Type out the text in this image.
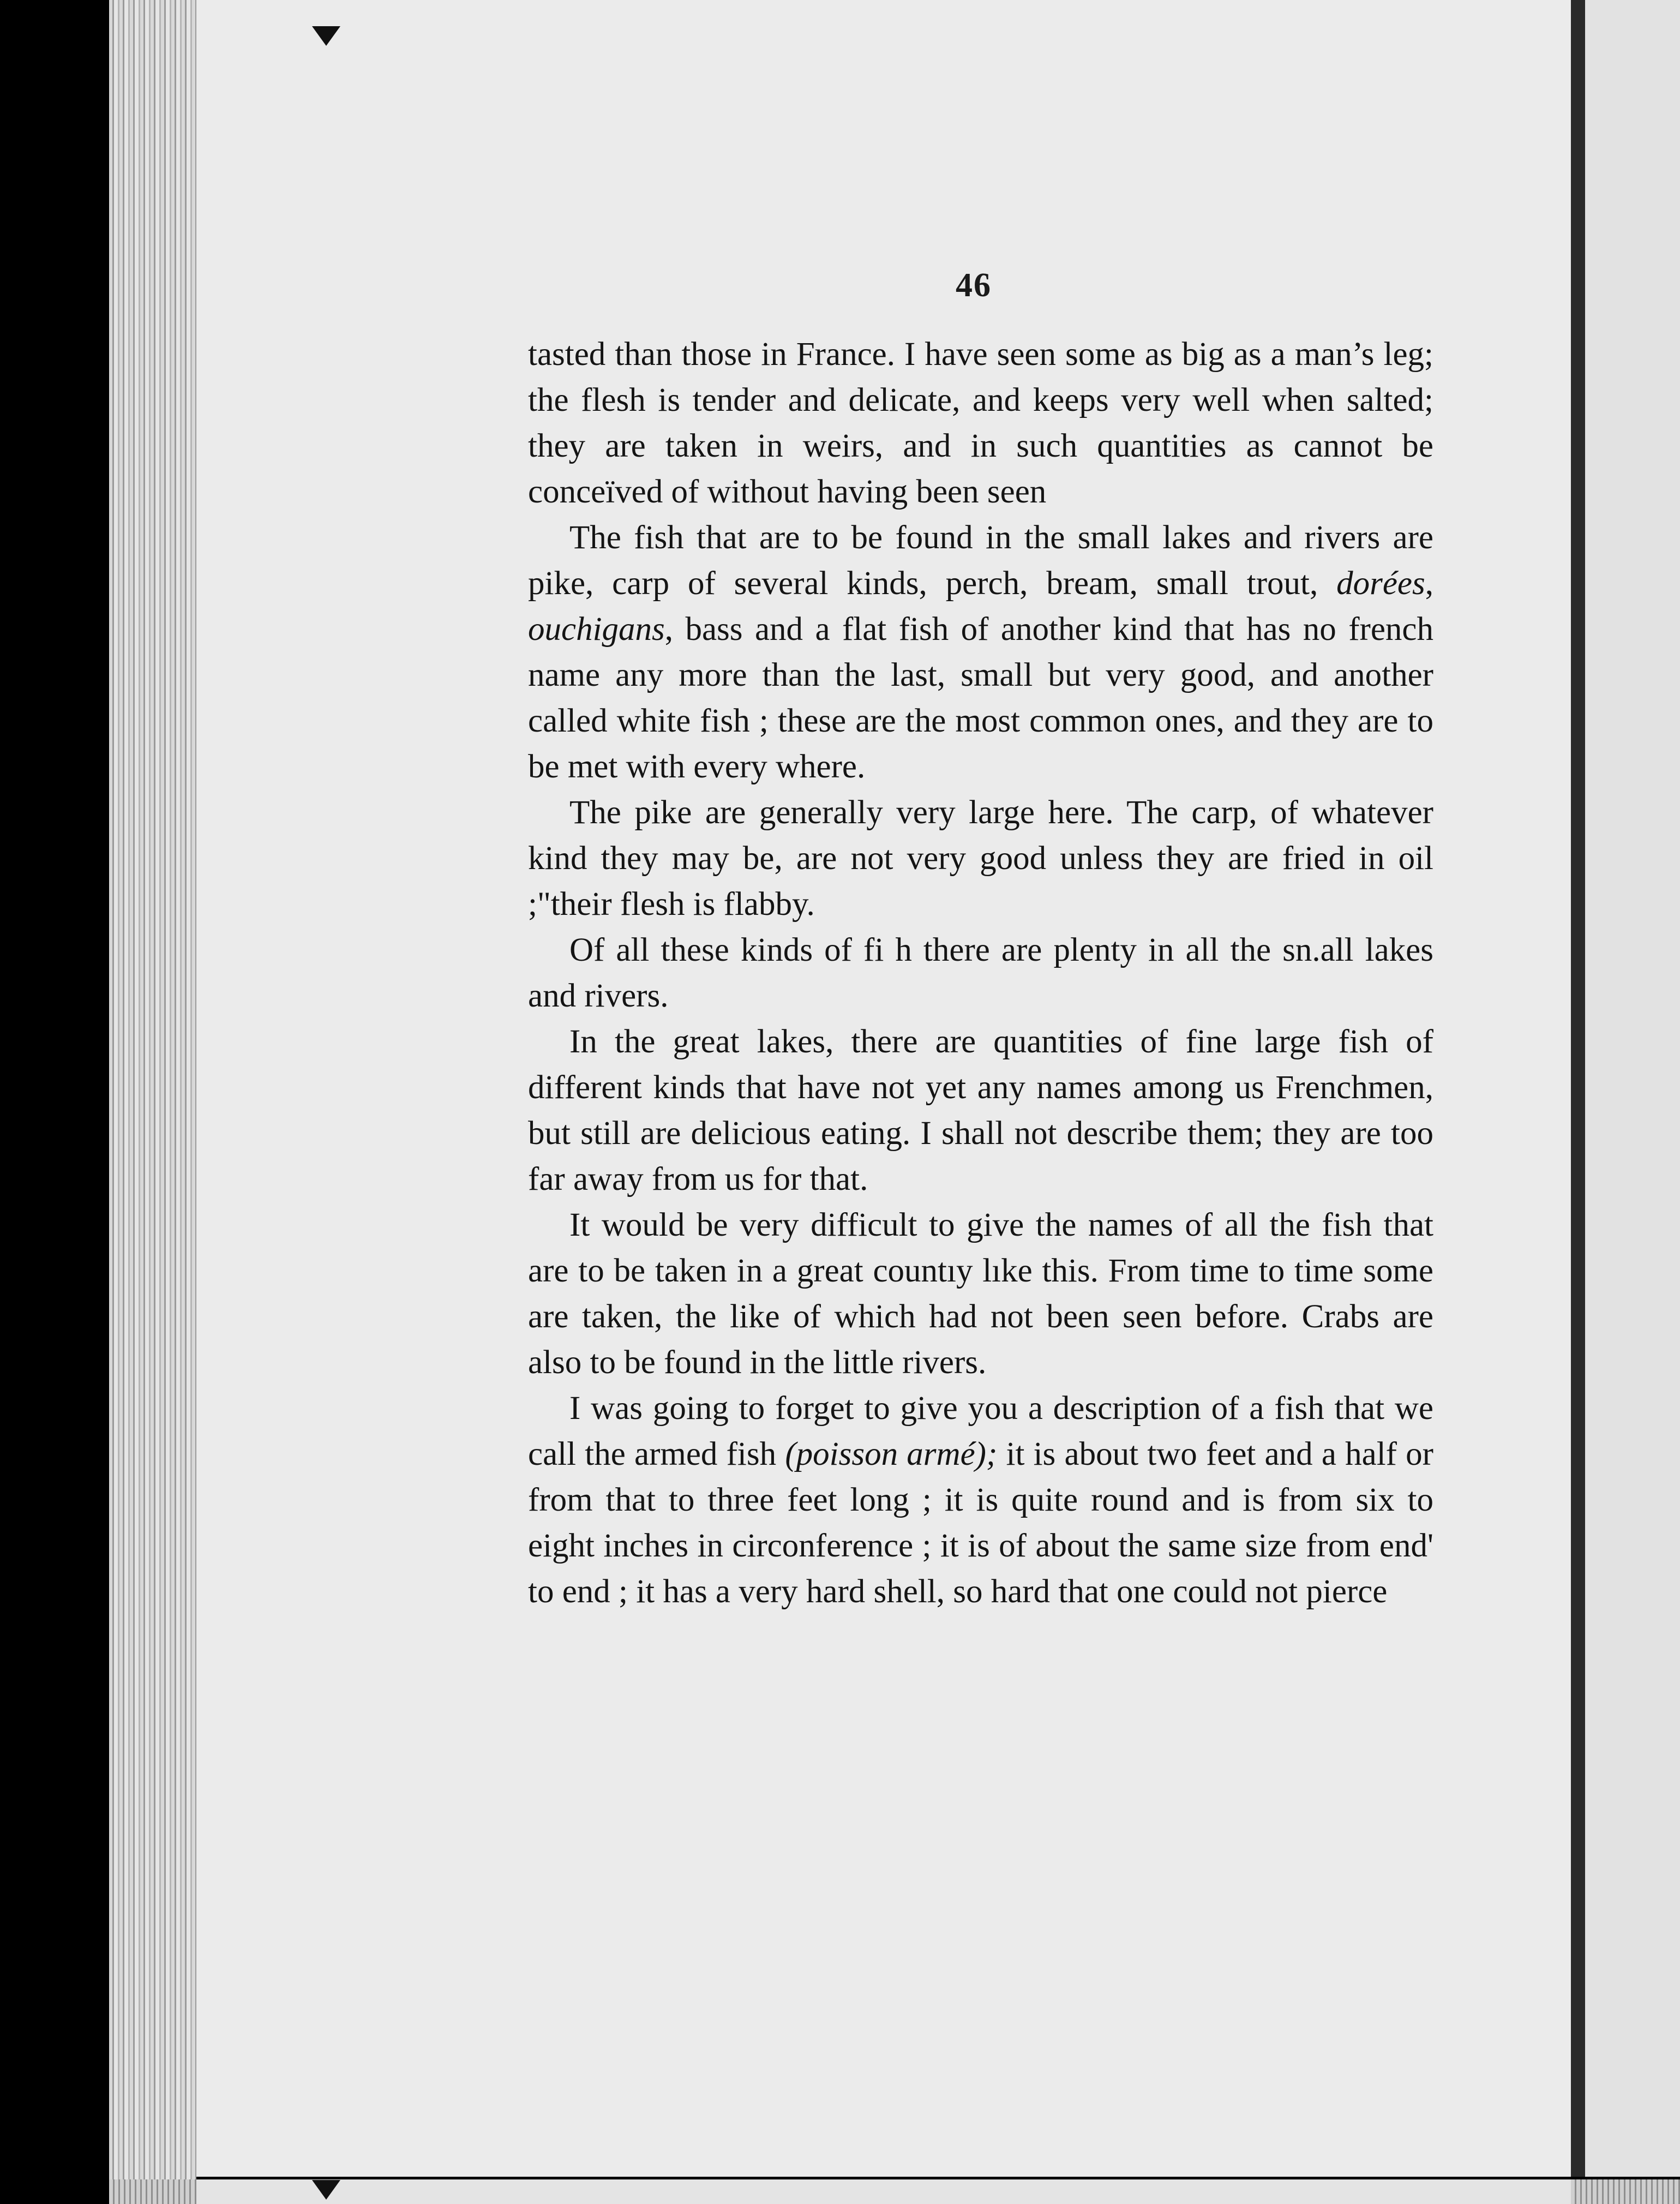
46

tasted than those in France. I have seen some as big as a man’s leg; the flesh is tender and delicate, and keeps very well when salted; they are taken in weirs, and in such quantities as cannot be conceïved of without having been seen

The fish that are to be found in the small lakes and rivers are pike, carp of several kinds, perch, bream, small trout, dorées, ouchigans, bass and a flat fish of another kind that has no french name any more than the last, small but very good, and another called white fish ; these are the most common ones, and they are to be met with every where.

The pike are generally very large here. The carp, of whatever kind they may be, are not very good unless they are fried in oil ;"their flesh is flabby.

Of all these kinds of fi h there are plenty in all the sn.all lakes and rivers.

In the great lakes, there are quantities of fine large fish of different kinds that have not yet any names among us Frenchmen, but still are delicious eating. I shall not describe them; they are too far away from us for that.

It would be very difficult to give the names of all the fish that are to be taken in a great countıy lıke this. From time to time some are taken, the like of which had not been seen before. Crabs are also to be found in the little rivers.

I was going to forget to give you a description of a fish that we call the armed fish (poisson armé); it is about two feet and a half or from that to three feet long ; it is quite round and is from six to eight inches in circonference ; it is of about the same size from end' to end ; it has a very hard shell, so hard that one could not pierce
